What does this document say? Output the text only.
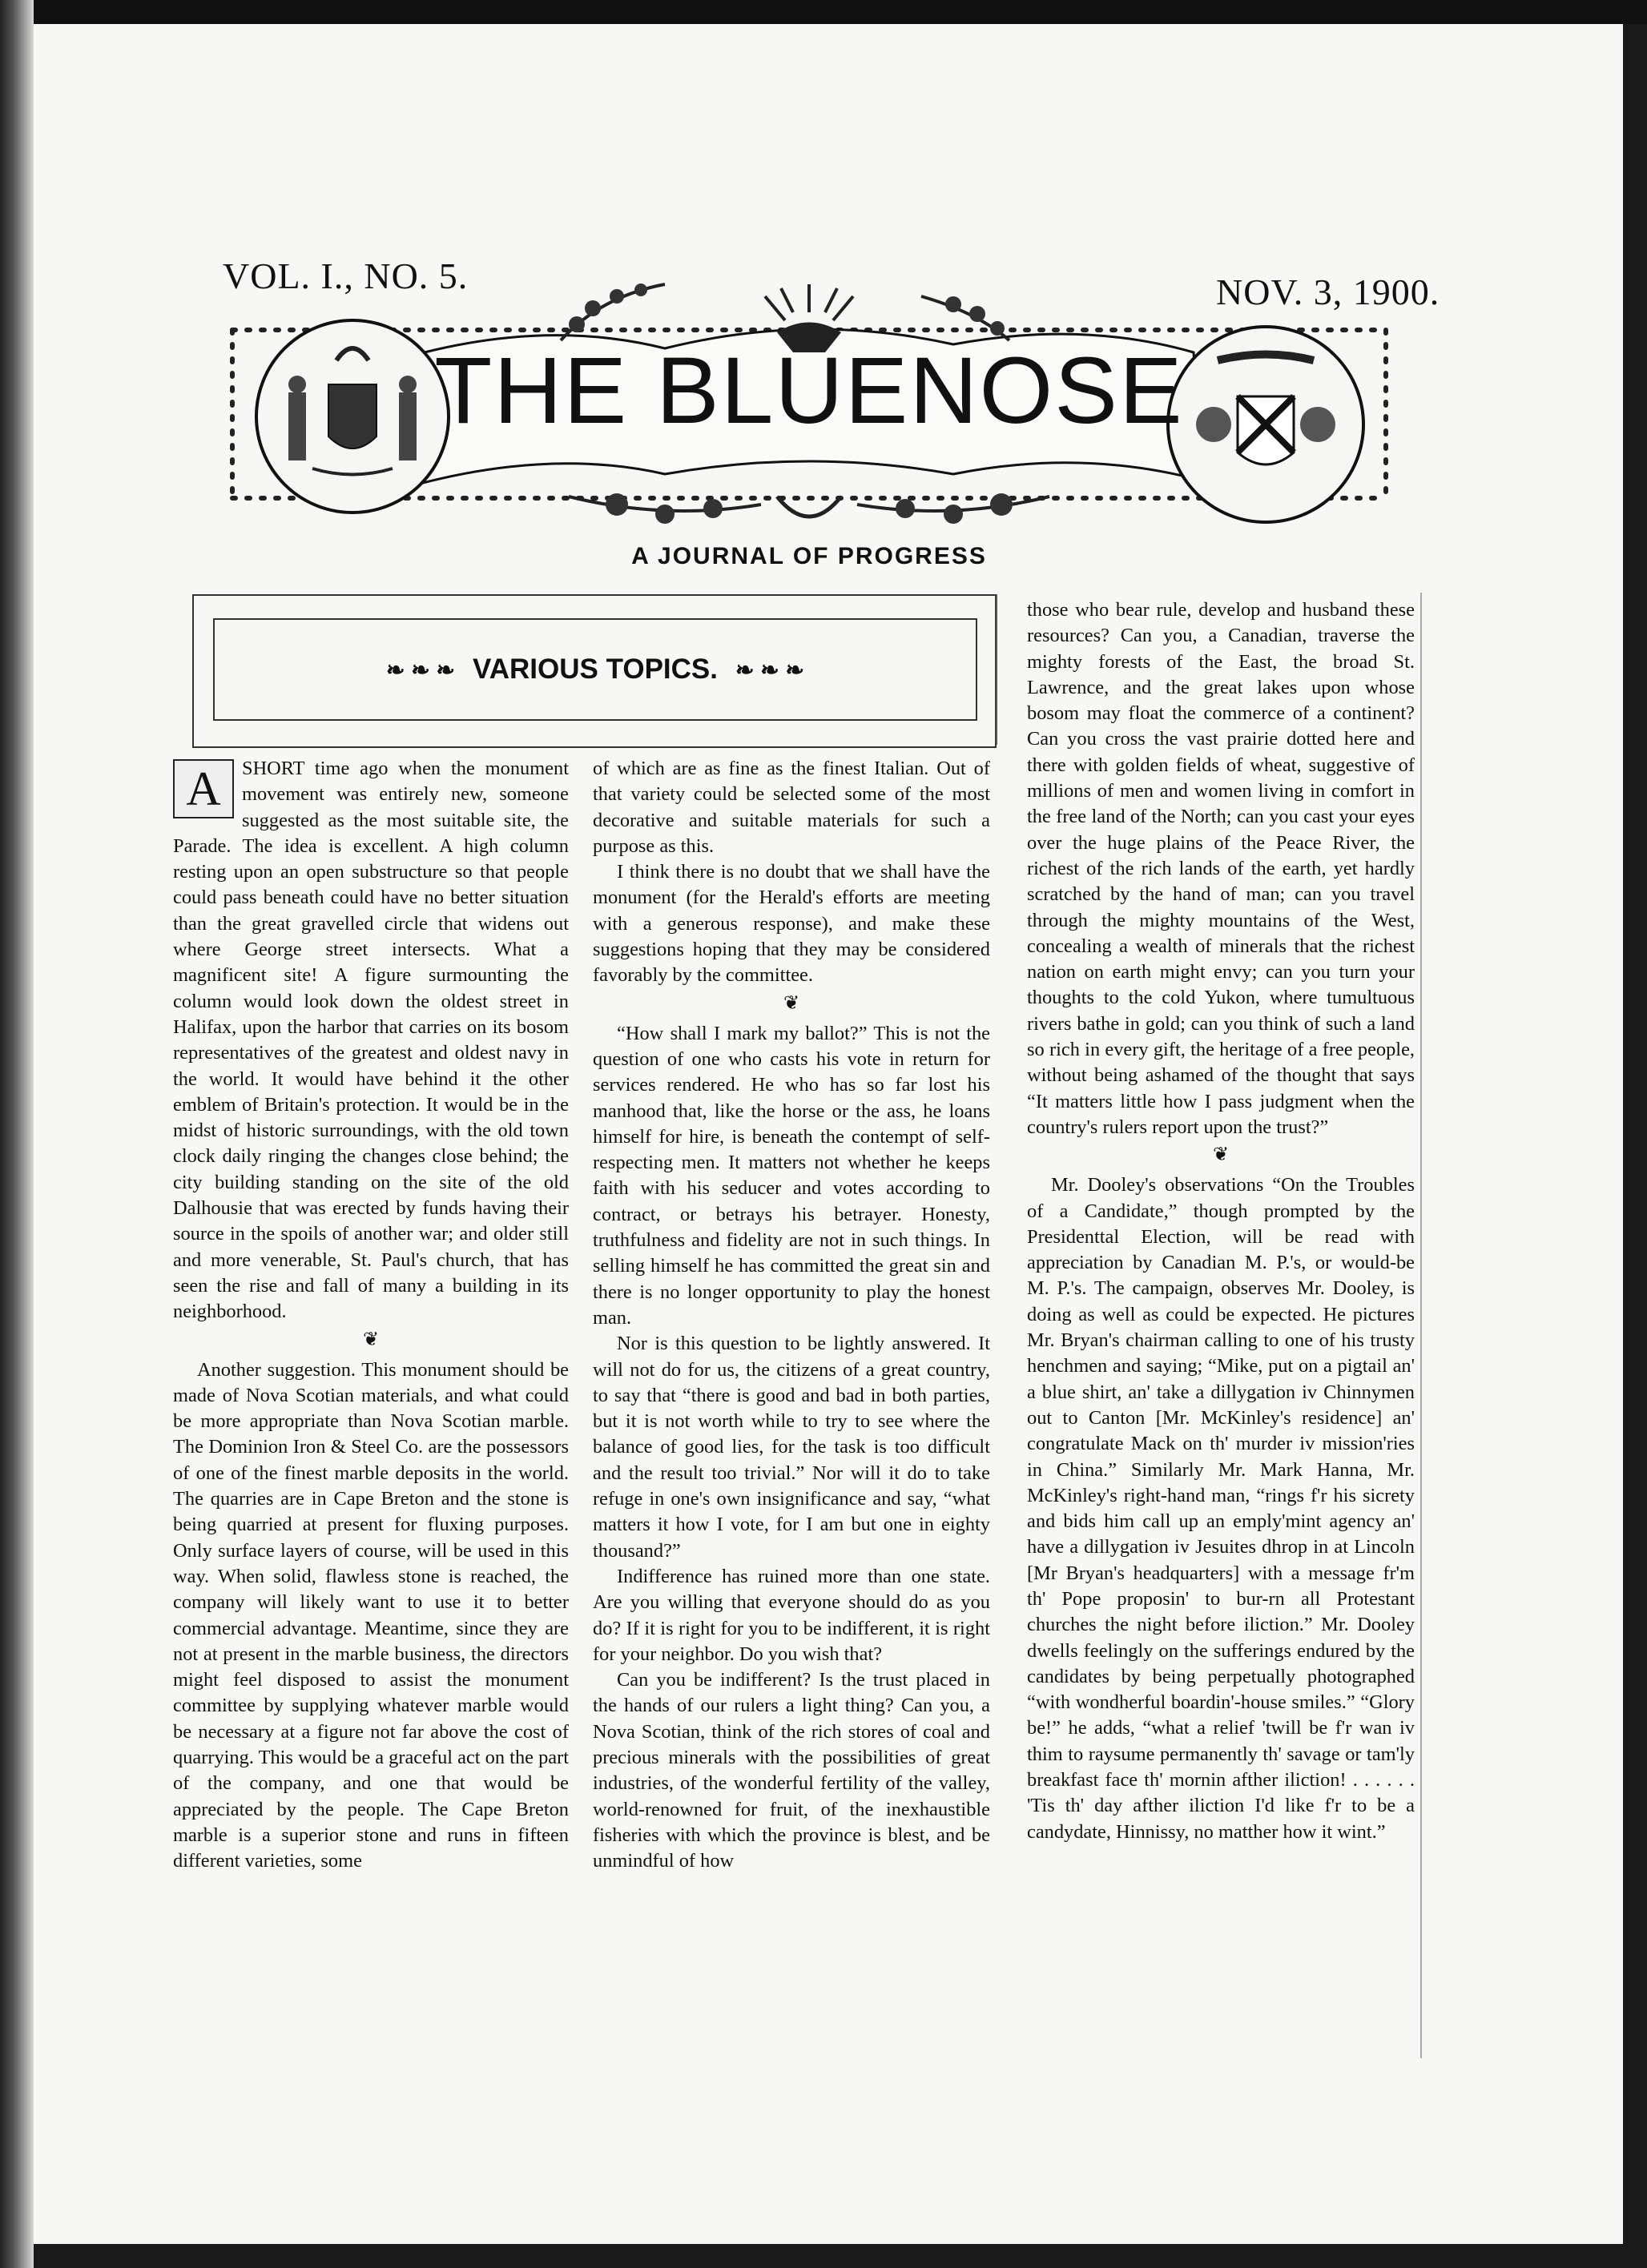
VOL. I., NO. 5.	NOV. 3, 1900.
THE BLUENOSE
A JOURNAL OF PROGRESS
❧ ❧ ❧ VARIOUS TOPICS. ❧ ❧ ❧
A	SHORT time ago when the monument movement was entirely new, someone suggested as the most suitable site, the Parade. The idea is excellent. A high column resting upon an open substructure so that people could pass beneath could have no better situation than the great gravelled circle that widens out where George street intersects. What a magnificent site! A figure surmounting the column would look down the oldest street in Halifax, upon the harbor that carries on its bosom representatives of the greatest and oldest navy in the world. It would have behind it the other emblem of Britain's protection. It would be in the midst of historic surroundings, with the old town clock daily ringing the changes close behind; the city building standing on the site of the old Dalhousie that was erected by funds having their source in the spoils of another war; and older still and more venerable, St. Paul's church, that has seen the rise and fall of many a building in its neighborhood.

❦

Another suggestion. This monument should be made of Nova Scotian materials, and what could be more appropriate than Nova Scotian marble. The Dominion Iron & Steel Co. are the possessors of one of the finest marble deposits in the world. The quarries are in Cape Breton and the stone is being quarried at present for fluxing purposes. Only surface layers of course, will be used in this way. When solid, flawless stone is reached, the company will likely want to use it to better commercial advantage. Meantime, since they are not at present in the marble business, the directors might feel disposed to assist the monument committee by supplying whatever marble would be necessary at a figure not far above the cost of quarrying. This would be a graceful act on the part of the company, and one that would be appreciated by the people. The Cape Breton marble is a superior stone and runs in fifteen different varieties, some

of which are as fine as the finest Italian. Out of that variety could be selected some of the most decorative and suitable materials for such a purpose as this.

I think there is no doubt that we shall have the monument (for the Herald's efforts are meeting with a generous response), and make these suggestions hoping that they may be considered favorably by the committee.

❦

“How shall I mark my ballot?” This is not the question of one who casts his vote in return for services rendered. He who has so far lost his manhood that, like the horse or the ass, he loans himself for hire, is beneath the contempt of self-respecting men. It matters not whether he keeps faith with his seducer and votes according to contract, or betrays his betrayer. Honesty, truthfulness and fidelity are not in such things. In selling himself he has committed the great sin and there is no longer opportunity to play the honest man.

Nor is this question to be lightly answered. It will not do for us, the citizens of a great country, to say that “there is good and bad in both parties, but it is not worth while to try to see where the balance of good lies, for the task is too difficult and the result too trivial.” Nor will it do to take refuge in one's own insignificance and say, “what matters it how I vote, for I am but one in eighty thousand?”

Indifference has ruined more than one state. Are you willing that everyone should do as you do? If it is right for you to be indifferent, it is right for your neighbor. Do you wish that?

Can you be indifferent? Is the trust placed in the hands of our rulers a light thing? Can you, a Nova Scotian, think of the rich stores of coal and precious minerals with the possibilities of great industries, of the wonderful fertility of the valley, world-renowned for fruit, of the inexhaustible fisheries with which the province is blest, and be unmindful of how

those who bear rule, develop and husband these resources? Can you, a Canadian, traverse the mighty forests of the East, the broad St. Lawrence, and the great lakes upon whose bosom may float the commerce of a continent? Can you cross the vast prairie dotted here and there with golden fields of wheat, suggestive of millions of men and women living in comfort in the free land of the North; can you cast your eyes over the huge plains of the Peace River, the richest of the rich lands of the earth, yet hardly scratched by the hand of man; can you travel through the mighty mountains of the West, concealing a wealth of minerals that the richest nation on earth might envy; can you turn your thoughts to the cold Yukon, where tumultuous rivers bathe in gold; can you think of such a land so rich in every gift, the heritage of a free people, without being ashamed of the thought that says “It matters little how I pass judgment when the country's rulers report upon the trust?”

❦

Mr. Dooley's observations “On the Troubles of a Candidate,” though prompted by the Presidenttal Election, will be read with appreciation by Canadian M. P.'s, or would-be M. P.'s. The campaign, observes Mr. Dooley, is doing as well as could be expected. He pictures Mr. Bryan's chairman calling to one of his trusty henchmen and saying; “Mike, put on a pigtail an' a blue shirt, an' take a dillygation iv Chinnymen out to Canton [Mr. McKinley's residence] an' congratulate Mack on th' murder iv mission'ries in China.” Similarly Mr. Mark Hanna, Mr. McKinley's right-hand man, “rings f'r his sicrety and bids him call up an emply'mint agency an' have a dillygation iv Jesuites dhrop in at Lincoln [Mr Bryan's headquarters] with a message fr'm th' Pope proposin' to bur-rn all Protestant churches the night before iliction.” Mr. Dooley dwells feelingly on the sufferings endured by the candidates by being perpetually photographed “with wondherful boardin'-house smiles.” “Glory be!” he adds, “what a relief 'twill be f'r wan iv thim to raysume permanently th' savage or tam'ly breakfast face th' mornin afther iliction! . . . . . . 'Tis th' day afther iliction I'd like f'r to be a candydate, Hinnissy, no matther how it wint.”
